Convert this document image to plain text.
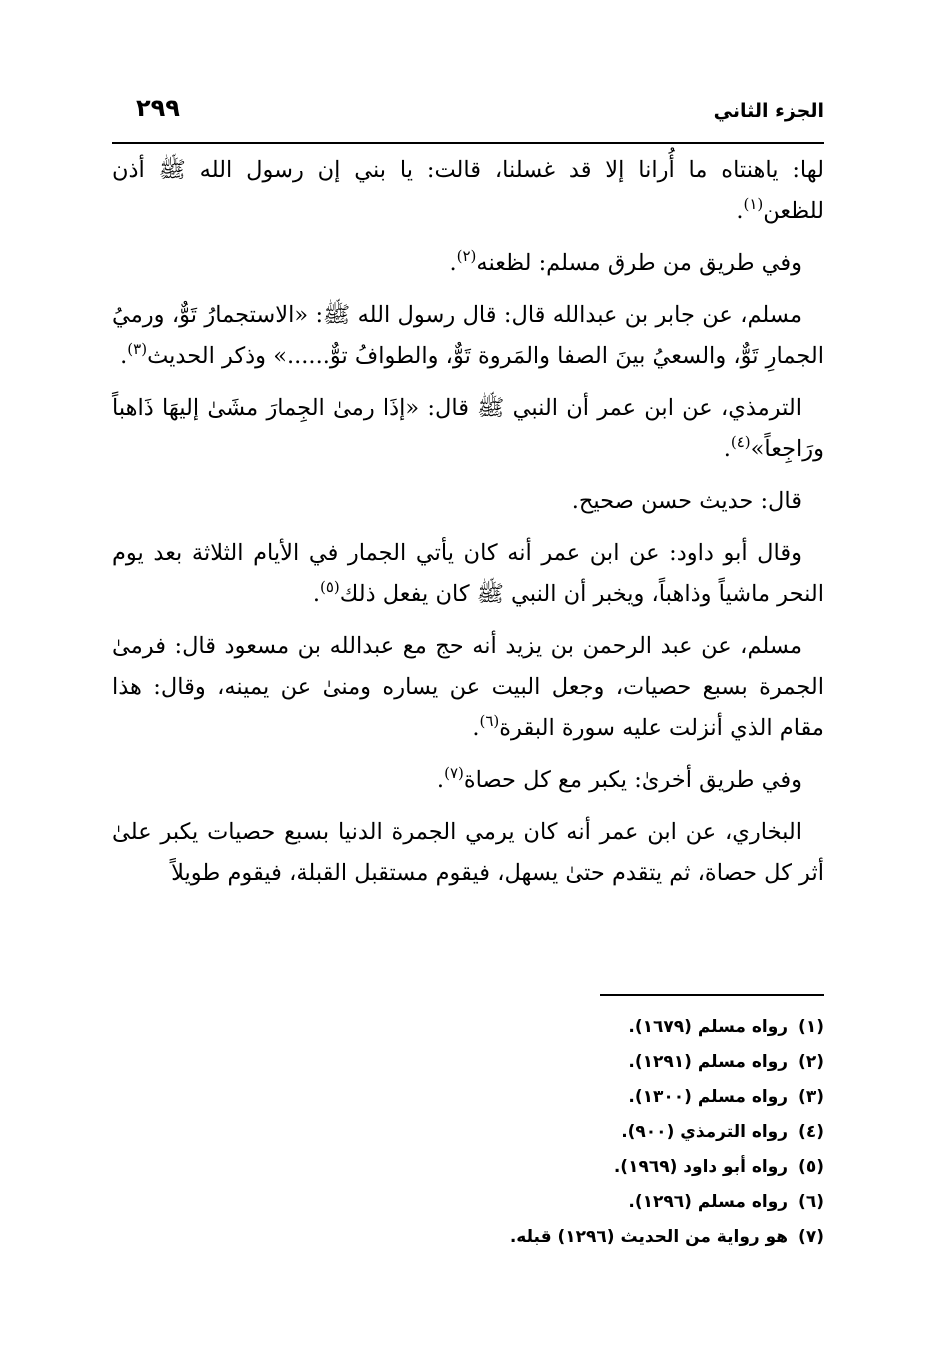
الجزء الثاني
٢٩٩

لها: ياهنتاه ما أُرانا إلا قد غسلنا، قالت: يا بني إن رسول الله ﷺ أذن للظعن$^{(١)}$.

وفي طريق من طرق مسلم: لظعنه$^{(٢)}$.

مسلم، عن جابر بن عبدالله قال: قال رسول الله ﷺ: «الاستجمارُ تَوٌّ، ورميُ الجمارِ تَوٌّ، والسعيُ بينَ الصفا والمَروة تَوٌّ، والطوافُ توٌّ......» وذكر الحديث$^{(٣)}$.

الترمذي، عن ابن عمر أن النبي ﷺ قال: «إذَا رمىٰ الجِمارَ مشَىٰ إليهَا ذَاهباً ورَاجِعاً»$^{(٤)}$.

قال: حديث حسن صحيح.

وقال أبو داود: عن ابن عمر أنه كان يأتي الجمار في الأيام الثلاثة بعد يوم النحر ماشياً وذاهباً، ويخبر أن النبي ﷺ كان يفعل ذلك$^{(٥)}$.

مسلم، عن عبد الرحمن بن يزيد أنه حج مع عبدالله بن مسعود قال: فرمىٰ الجمرة بسبع حصيات، وجعل البيت عن يساره ومنىٰ عن يمينه، وقال: هذا مقام الذي أنزلت عليه سورة البقرة$^{(٦)}$.

وفي طريق أخرىٰ: يكبر مع كل حصاة$^{(٧)}$.

البخاري، عن ابن عمر أنه كان يرمي الجمرة الدنيا بسبع حصيات يكبر علىٰ أثر كل حصاة، ثم يتقدم حتىٰ يسهل، فيقوم مستقبل القبلة، فيقوم طويلاً

(١)رواه مسلم (١٦٧٩).
(٢)رواه مسلم (١٢٩١).
(٣)رواه مسلم (١٣٠٠).
(٤)رواه الترمذي (٩٠٠).
(٥)رواه أبو داود (١٩٦٩).
(٦)رواه مسلم (١٢٩٦).
(٧)هو رواية من الحديث (١٢٩٦) قبله.
